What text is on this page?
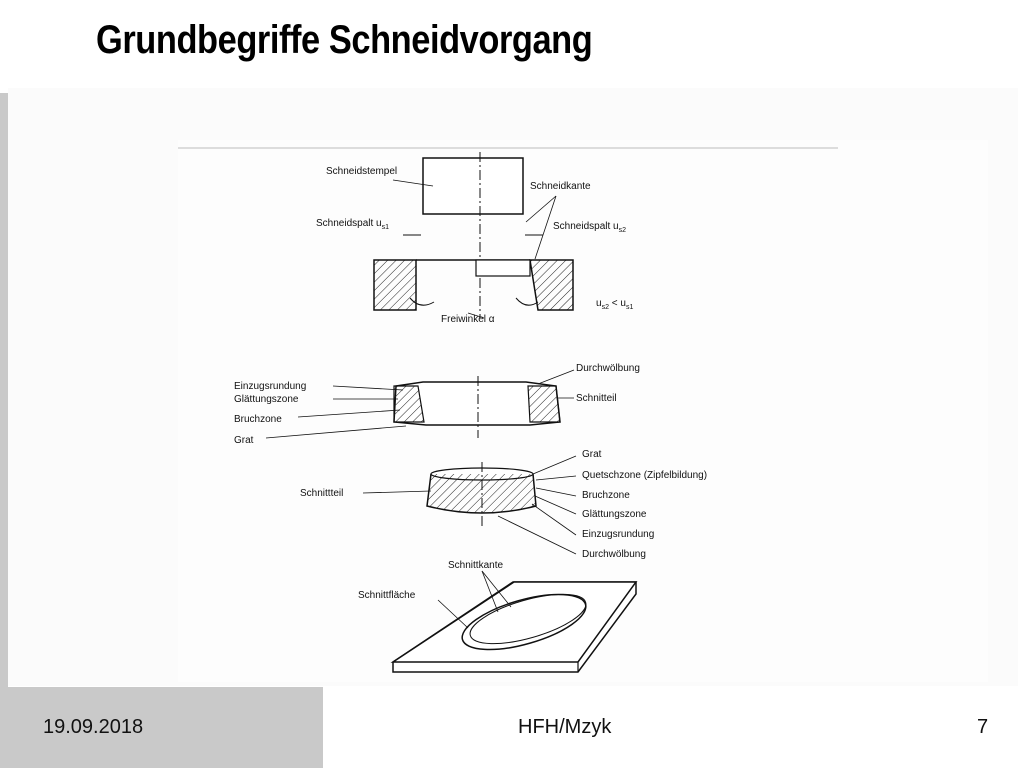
Grundbegriffe Schneidvorgang
Schneidstempel
Schneidkante
Schneidspalt $u_{s1}$	Schneidspalt $u_{s2}$
$u_{s2} < u_{s1}$
Freiwinkel α
Einzugsrundung
Glättungszone
Bruchzone
Grat
Durchwölbung
Schnitteil
Schnittteil
Grat
Quetschzone (Zipfelbildung)
Bruchzone
Glättungszone
Einzugsrundung
Durchwölbung
Schnittkante
Schnittfläche
19.09.2018	HFH/Mzyk	7
